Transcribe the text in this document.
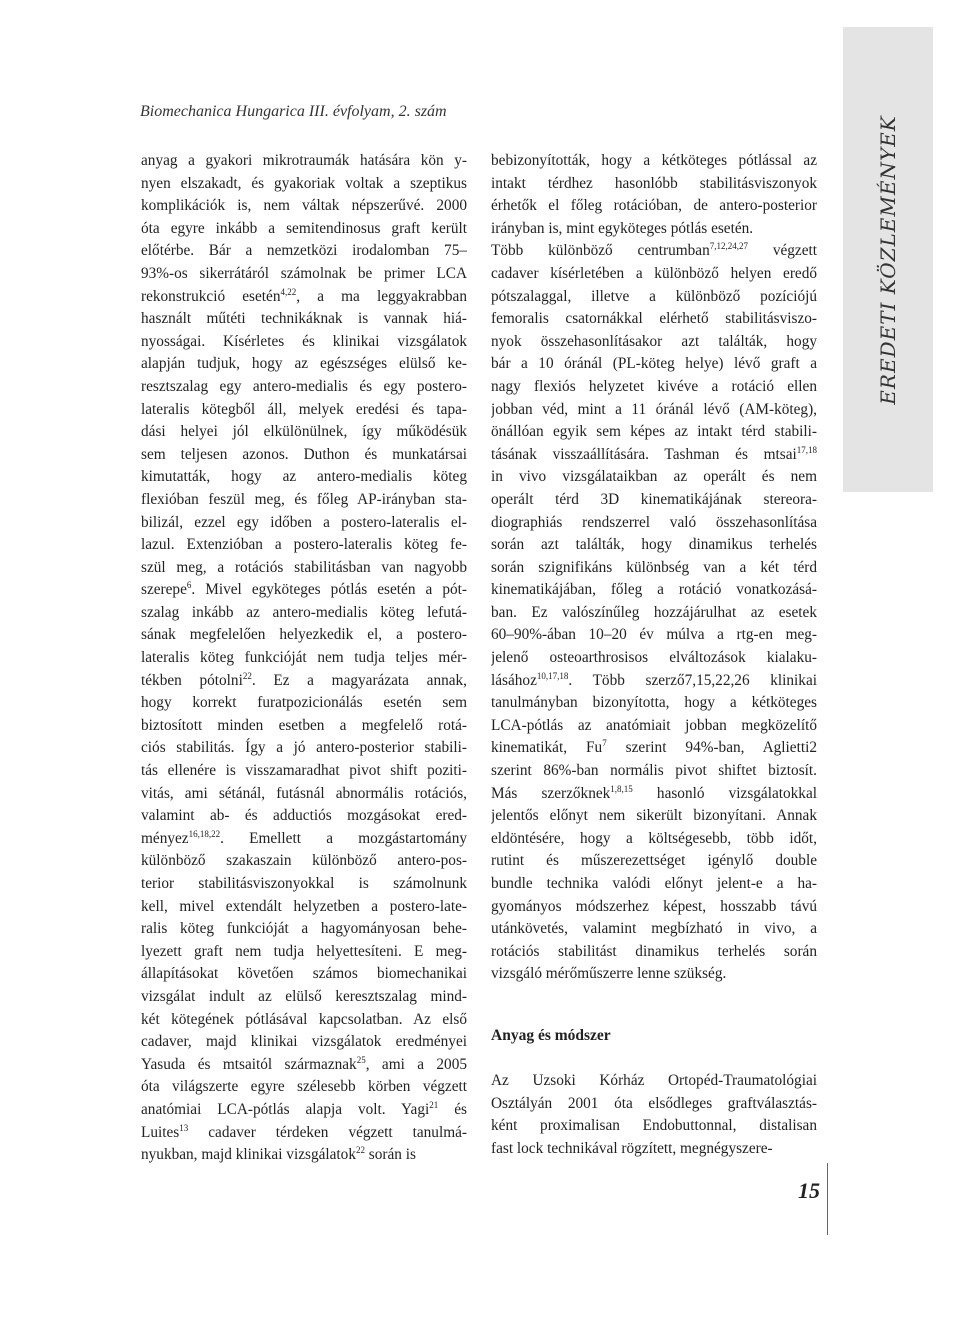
EREDETI KÖZLEMÉNYEK
Biomechanica Hungarica III. évfolyam, 2. szám
anyag a gyakori mikrotraumák hatására kön y-
nyen elszakadt, és gyakoriak voltak a szeptikus
komplikációk is, nem váltak népszerűvé. 2000
óta egyre inkább a semitendinosus graft került
előtérbe. Bár a nemzetközi irodalomban 75–
93%-os sikerrátáról számolnak be primer LCA
rekonstrukció esetén$^{4,22}$, a ma leggyakrabban
használt műtéti technikáknak is vannak hiá-
nyosságai. Kísérletes és klinikai vizsgálatok
alapján tudjuk, hogy az egészséges elülső ke-
resztszalag egy antero-medialis és egy postero-
lateralis kötegből áll, melyek eredési és tapa-
dási helyei jól elkülönülnek, így működésük
sem teljesen azonos. Duthon és munkatársai
kimutatták, hogy az antero-medialis köteg
flexióban feszül meg, és főleg AP-irányban sta-
bilizál, ezzel egy időben a postero-lateralis el-
lazul. Extenzióban a postero-lateralis köteg fe-
szül meg, a rotációs stabilitásban van nagyobb
szerepe$^6$. Mivel egyköteges pótlás esetén a pót-
szalag inkább az antero-medialis köteg lefutá-
sának megfelelően helyezkedik el, a postero-
lateralis köteg funkcióját nem tudja teljes mér-
tékben pótolni$^{22}$. Ez a magyarázata annak,
hogy korrekt furatpozicionálás esetén sem
biztosított minden esetben a megfelelő rotá-
ciós stabilitás. Így a jó antero-posterior stabili-
tás ellenére is visszamaradhat pivot shift poziti-
vitás, ami sétánál, futásnál abnormális rotációs,
valamint ab- és adductiós mozgásokat ered-
ményez$^{16,18,22}$. Emellett a mozgástartomány
különböző szakaszain különböző antero-pos-
terior stabilitásviszonyokkal is számolnunk
kell, mivel extendált helyzetben a postero-late-
ralis köteg funkcióját a hagyományosan behe-
lyezett graft nem tudja helyettesíteni. E meg-
állapításokat követően számos biomechanikai
vizsgálat indult az elülső keresztszalag mind-
két kötegének pótlásával kapcsolatban. Az első
cadaver, majd klinikai vizsgálatok eredményei
Yasuda és mtsaitól származnak$^{25}$, ami a 2005
óta világszerte egyre szélesebb körben végzett
anatómiai LCA-pótlás alapja volt. Yagi$^{21}$ és
Luites$^{13}$ cadaver térdeken végzett tanulmá-
nyukban, majd klinikai vizsgálatok$^{22}$ során is
bebizonyították, hogy a kétköteges pótlással az
intakt térdhez hasonlóbb stabilitásviszonyok
érhetők el főleg rotációban, de antero-posterior
irányban is, mint egyköteges pótlás esetén.
Több különböző centrumban$^{7,12,24,27}$ végzett
cadaver kísérletében a különböző helyen eredő
pótszalaggal, illetve a különböző pozíciójú
femoralis csatornákkal elérhető stabilitásviszo-
nyok összehasonlításakor azt találták, hogy
bár a 10 óránál (PL-köteg helye) lévő graft a
nagy flexiós helyzetet kivéve a rotáció ellen
jobban véd, mint a 11 óránál lévő (AM-köteg),
önállóan egyik sem képes az intakt térd stabili-
tásának visszaállítására. Tashman és mtsai$^{17,18}$
in vivo vizsgálataikban az operált és nem
operált térd 3D kinematikájának stereora-
diographiás rendszerrel való összehasonlítása
során azt találták, hogy dinamikus terhelés
során szignifikáns különbség van a két térd
kinematikájában, főleg a rotáció vonatkozásá-
ban. Ez valószínűleg hozzájárulhat az esetek
60–90%-ában 10–20 év múlva a rtg-en meg-
jelenő osteoarthrosisos elváltozások kialaku-
lásához$^{10,17,18}$. Több szerző7,15,22,26 klinikai
tanulmányban bizonyította, hogy a kétköteges
LCA-pótlás az anatómiait jobban megközelítő
kinematikát, Fu$^7$ szerint 94%-ban, Aglietti2
szerint 86%-ban normális pivot shiftet biztosít.
Más szerzőknek$^{1,8,15}$ hasonló vizsgálatokkal
jelentős előnyt nem sikerült bizonyítani. Annak
eldöntésére, hogy a költségesebb, több időt,
rutint és műszerezettséget igénylő double
bundle technika valódi előnyt jelent-e a ha-
gyományos módszerhez képest, hosszabb távú
utánkövetés, valamint megbízható in vivo, a
rotációs stabilitást dinamikus terhelés során
vizsgáló mérőműszerre lenne szükség.
Anyag és módszer
Az Uzsoki Kórház Ortopéd-Traumatológiai
Osztályán 2001 óta elsődleges graftválasztás-
ként proximalisan Endobuttonnal, distalisan
fast lock technikával rögzített, megnégyszere-
15
